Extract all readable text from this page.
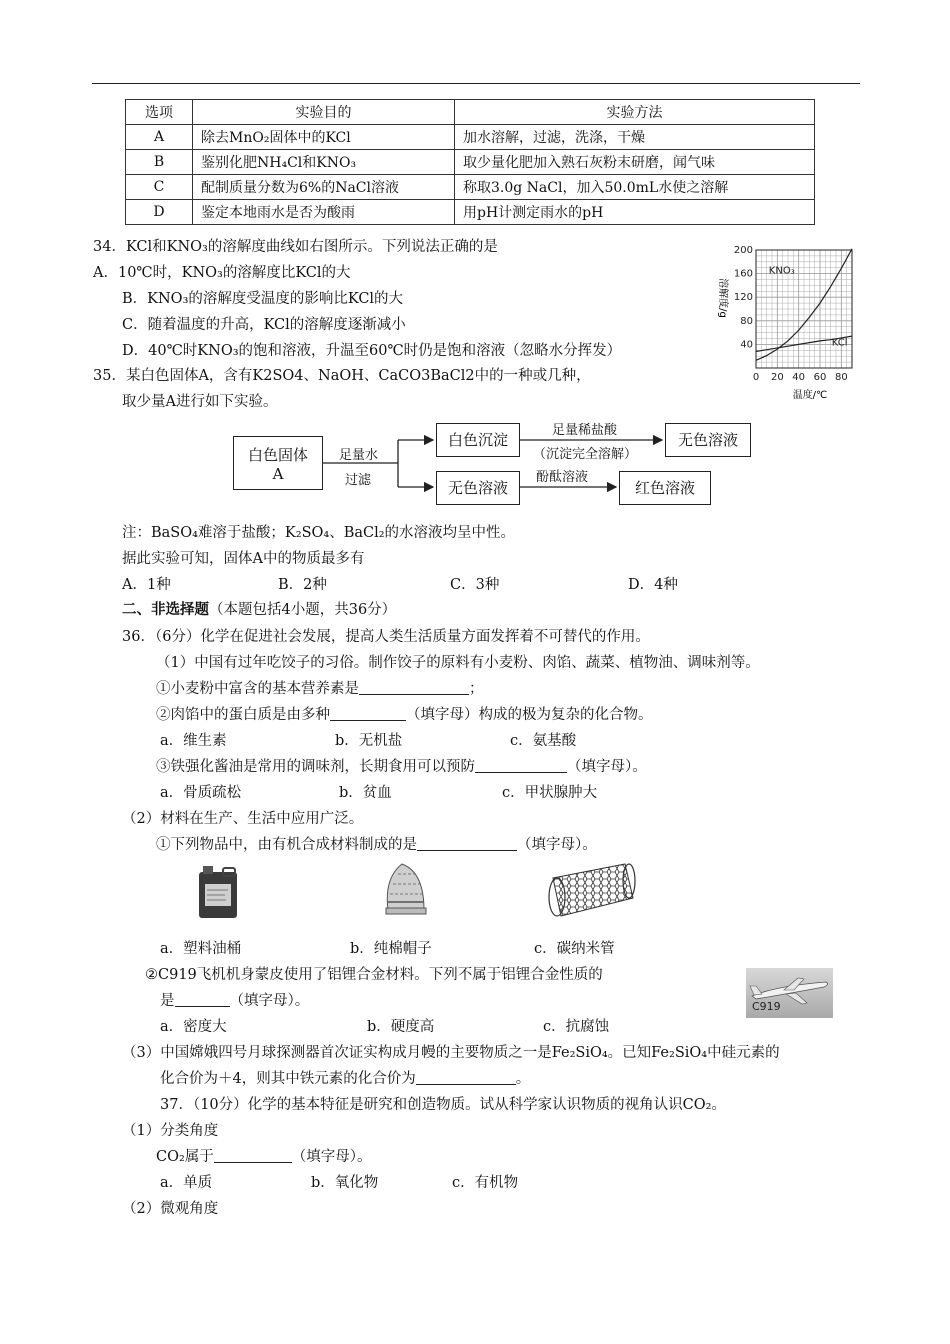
选项	实验目的	实验方法
A	除去MnO₂固体中的KCl	加水溶解，过滤，洗涤，干燥
B	鉴别化肥NH₄Cl和KNO₃	取少量化肥加入熟石灰粉末研磨，闻气味
C	配制质量分数为6%的NaCl溶液	称取3.0g NaCl，加入50.0mL水使之溶解
D	鉴定本地雨水是否为酸雨	用pH计测定雨水的pH
34．KCl和KNO₃的溶解度曲线如右图所示。下列说法正确的是
A．10℃时，KNO₃的溶解度比KCl的大
B．KNO₃的溶解度受温度的影响比KCl的大
C．随着温度的升高，KCl的溶解度逐渐减小
D．40℃时KNO₃的饱和溶液，升温至60℃时仍是饱和溶液（忽略水分挥发）
KNO₃
KCl
0 20 40 60 80
40
80
120
160
200
溶解度/g
温度/℃
35．某白色固体A，含有K2SO4、NaOH、CaCO3BaCl2中的一种或几种，
取少量A进行如下实验。
白色固体
A
白色沉淀
无色溶液
无色溶液
红色溶液
足量水
过滤
足量稀盐酸
（沉淀完全溶解）
酚酞溶液
注：BaSO₄难溶于盐酸；K₂SO₄、BaCl₂的水溶液均呈中性。
据此实验可知，固体A中的物质最多有
A．1种	B．2种	C．3种	D．4种
二、非选择题（本题包括4小题，共36分）
36．（6分）化学在促进社会发展，提高人类生活质量方面发挥着不可替代的作用。
（1）中国有过年吃饺子的习俗。制作饺子的原料有小麦粉、肉馅、蔬菜、植物油、调味剂等。
①小麦粉中富含的基本营养素是	；
②肉馅中的蛋白质是由多种	（填字母）构成的极为复杂的化合物。
a．维生素	b．无机盐	c．氨基酸
③铁强化酱油是常用的调味剂，长期食用可以预防	（填字母）。
a．骨质疏松	b．贫血	c．甲状腺肿大
（2）材料在生产、生活中应用广泛。
①下列物品中，由有机合成材料制成的是	（填字母）。
a．塑料油桶	b．纯棉帽子	c．碳纳米管
②C919飞机机身蒙皮使用了铝锂合金材料。下列不属于铝锂合金性质的
是	（填字母）。
a．密度大	b．硬度高	c．抗腐蚀
C919
（3）中国嫦娥四号月球探测器首次证实构成月幔的主要物质之一是Fe₂SiO₄。已知Fe₂SiO₄中硅元素的
化合价为＋4，则其中铁元素的化合价为	。
37．（10分）化学的基本特征是研究和创造物质。试从科学家认识物质的视角认识CO₂。
（1）分类角度
CO₂属于	（填字母）。
a．单质	b．氧化物	c．有机物
（2）微观角度
